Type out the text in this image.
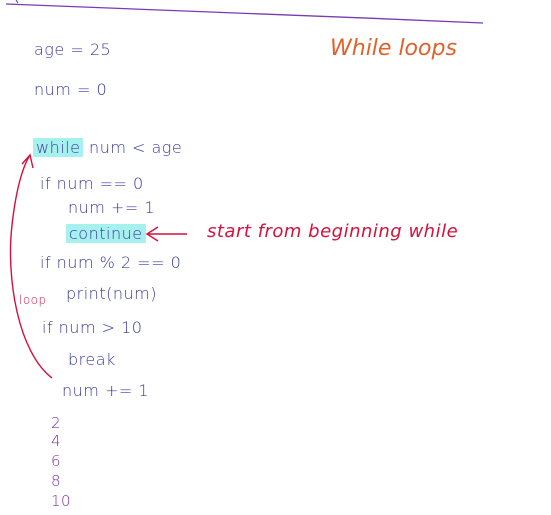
While loops
age = 25
num = 0
while num < age
if num == 0
num += 1
continue
if num % 2 == 0
print(num)
if num > 10
break
num += 1
start from beginning while
loop
2
4
6
8
10
